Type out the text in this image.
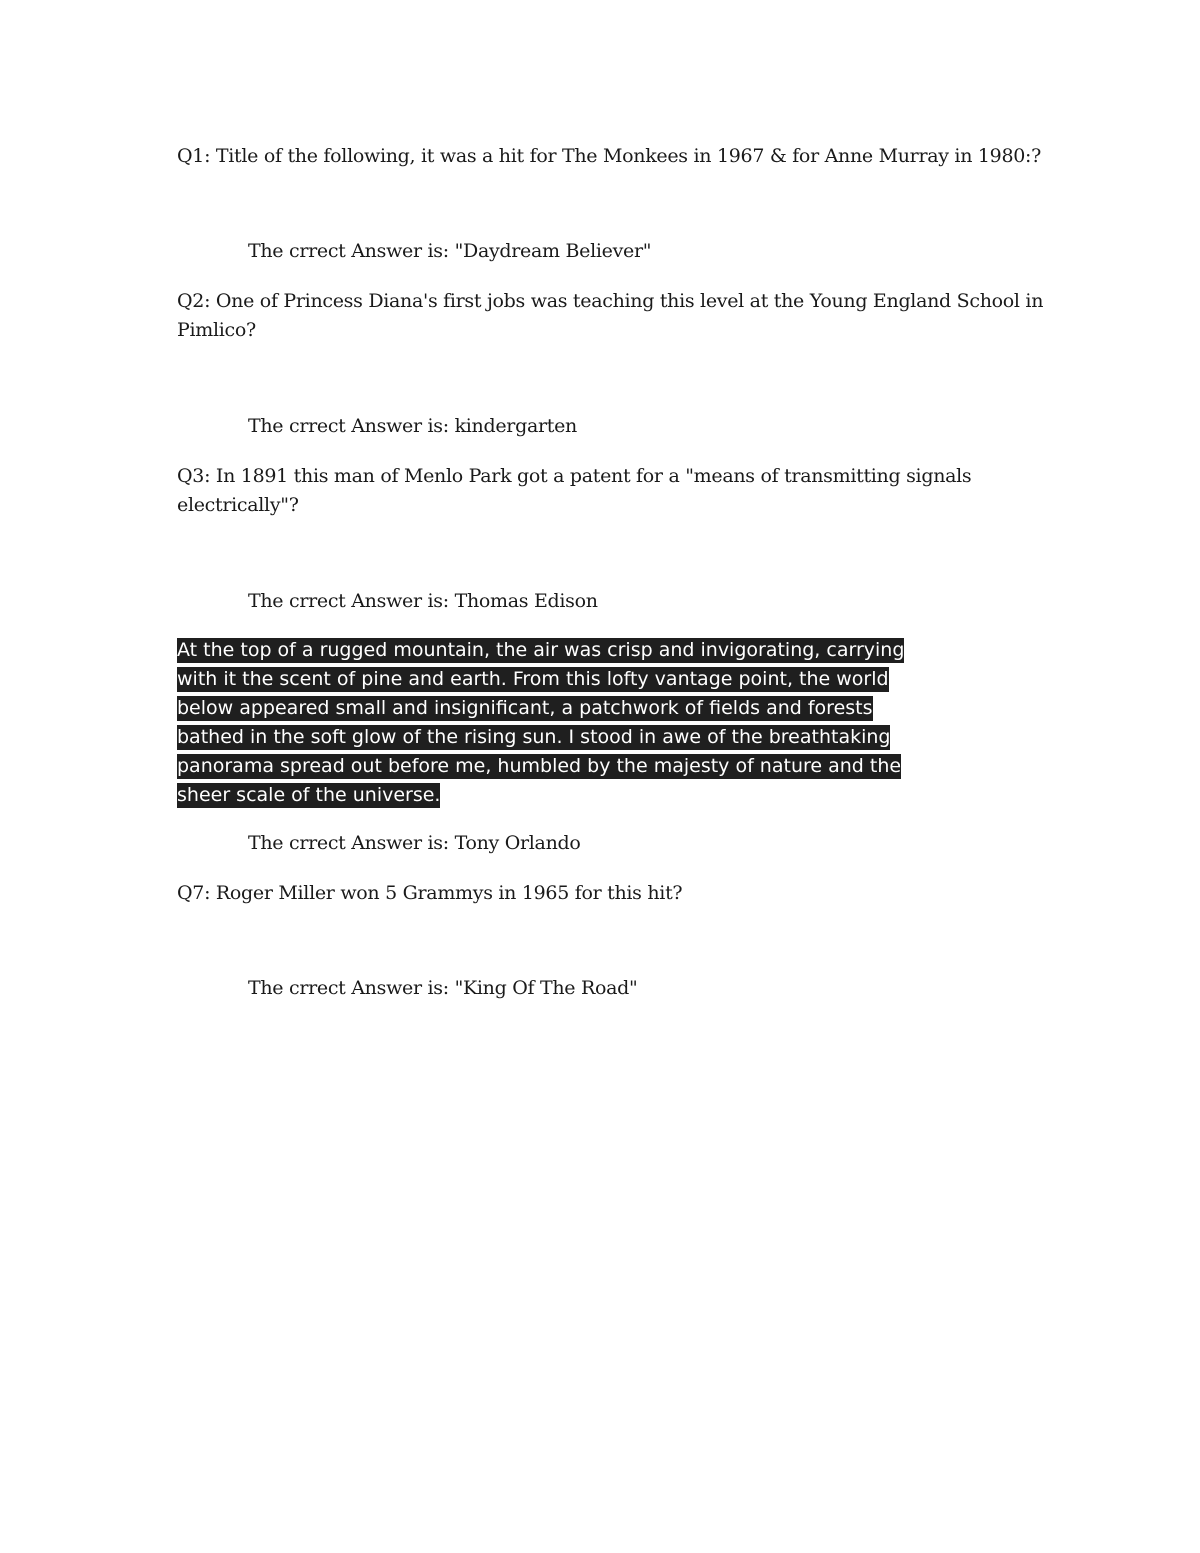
Q1: Title of the following, it was a hit for The Monkees in 1967 & for Anne Murray in 1980:?

The crrect Answer is: "Daydream Believer"

Q2: One of Princess Diana's first jobs was teaching this level at the Young England School in

Pimlico?

The crrect Answer is: kindergarten

Q3: In 1891 this man of Menlo Park got a patent for a "means of transmitting signals

electrically"?

The crrect Answer is: Thomas Edison

At the top of a rugged mountain, the air was crisp and invigorating, carrying
with it the scent of pine and earth. From this lofty vantage point, the world
below appeared small and insignificant, a patchwork of fields and forests
bathed in the soft glow of the rising sun. I stood in awe of the breathtaking
panorama spread out before me, humbled by the majesty of nature and the
sheer scale of the universe.

The crrect Answer is: Tony Orlando

Q7: Roger Miller won 5 Grammys in 1965 for this hit?

The crrect Answer is: "King Of The Road"
